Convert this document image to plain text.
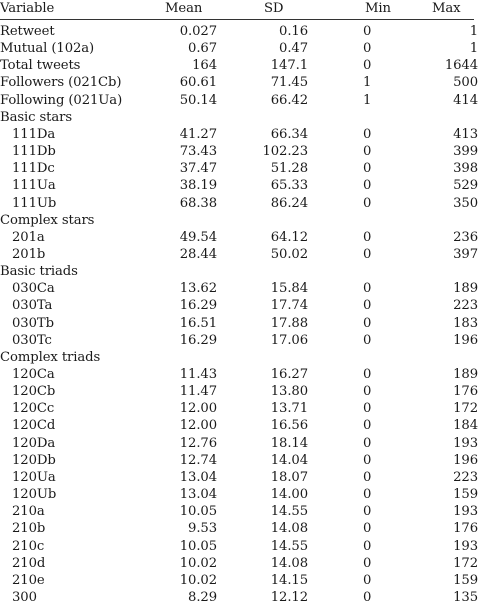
Variable	Mean	SD	Min	Max
Retweet	0.027	0.16	0	1
Mutual (102a)	0.67	0.47	0	1
Total tweets	164	147.1	0	1644
Followers (021Cb)	60.61	71.45	1	500
Following (021Ua)	50.14	66.42	1	414
Basic stars
111Da	41.27	66.34	0	413
111Db	73.43	102.23	0	399
111Dc	37.47	51.28	0	398
111Ua	38.19	65.33	0	529
111Ub	68.38	86.24	0	350
Complex stars
201a	49.54	64.12	0	236
201b	28.44	50.02	0	397
Basic triads
030Ca	13.62	15.84	0	189
030Ta	16.29	17.74	0	223
030Tb	16.51	17.88	0	183
030Tc	16.29	17.06	0	196
Complex triads
120Ca	11.43	16.27	0	189
120Cb	11.47	13.80	0	176
120Cc	12.00	13.71	0	172
120Cd	12.00	16.56	0	184
120Da	12.76	18.14	0	193
120Db	12.74	14.04	0	196
120Ua	13.04	18.07	0	223
120Ub	13.04	14.00	0	159
210a	10.05	14.55	0	193
210b	9.53	14.08	0	176
210c	10.05	14.55	0	193
210d	10.02	14.08	0	172
210e	10.02	14.15	0	159
300	8.29	12.12	0	135
